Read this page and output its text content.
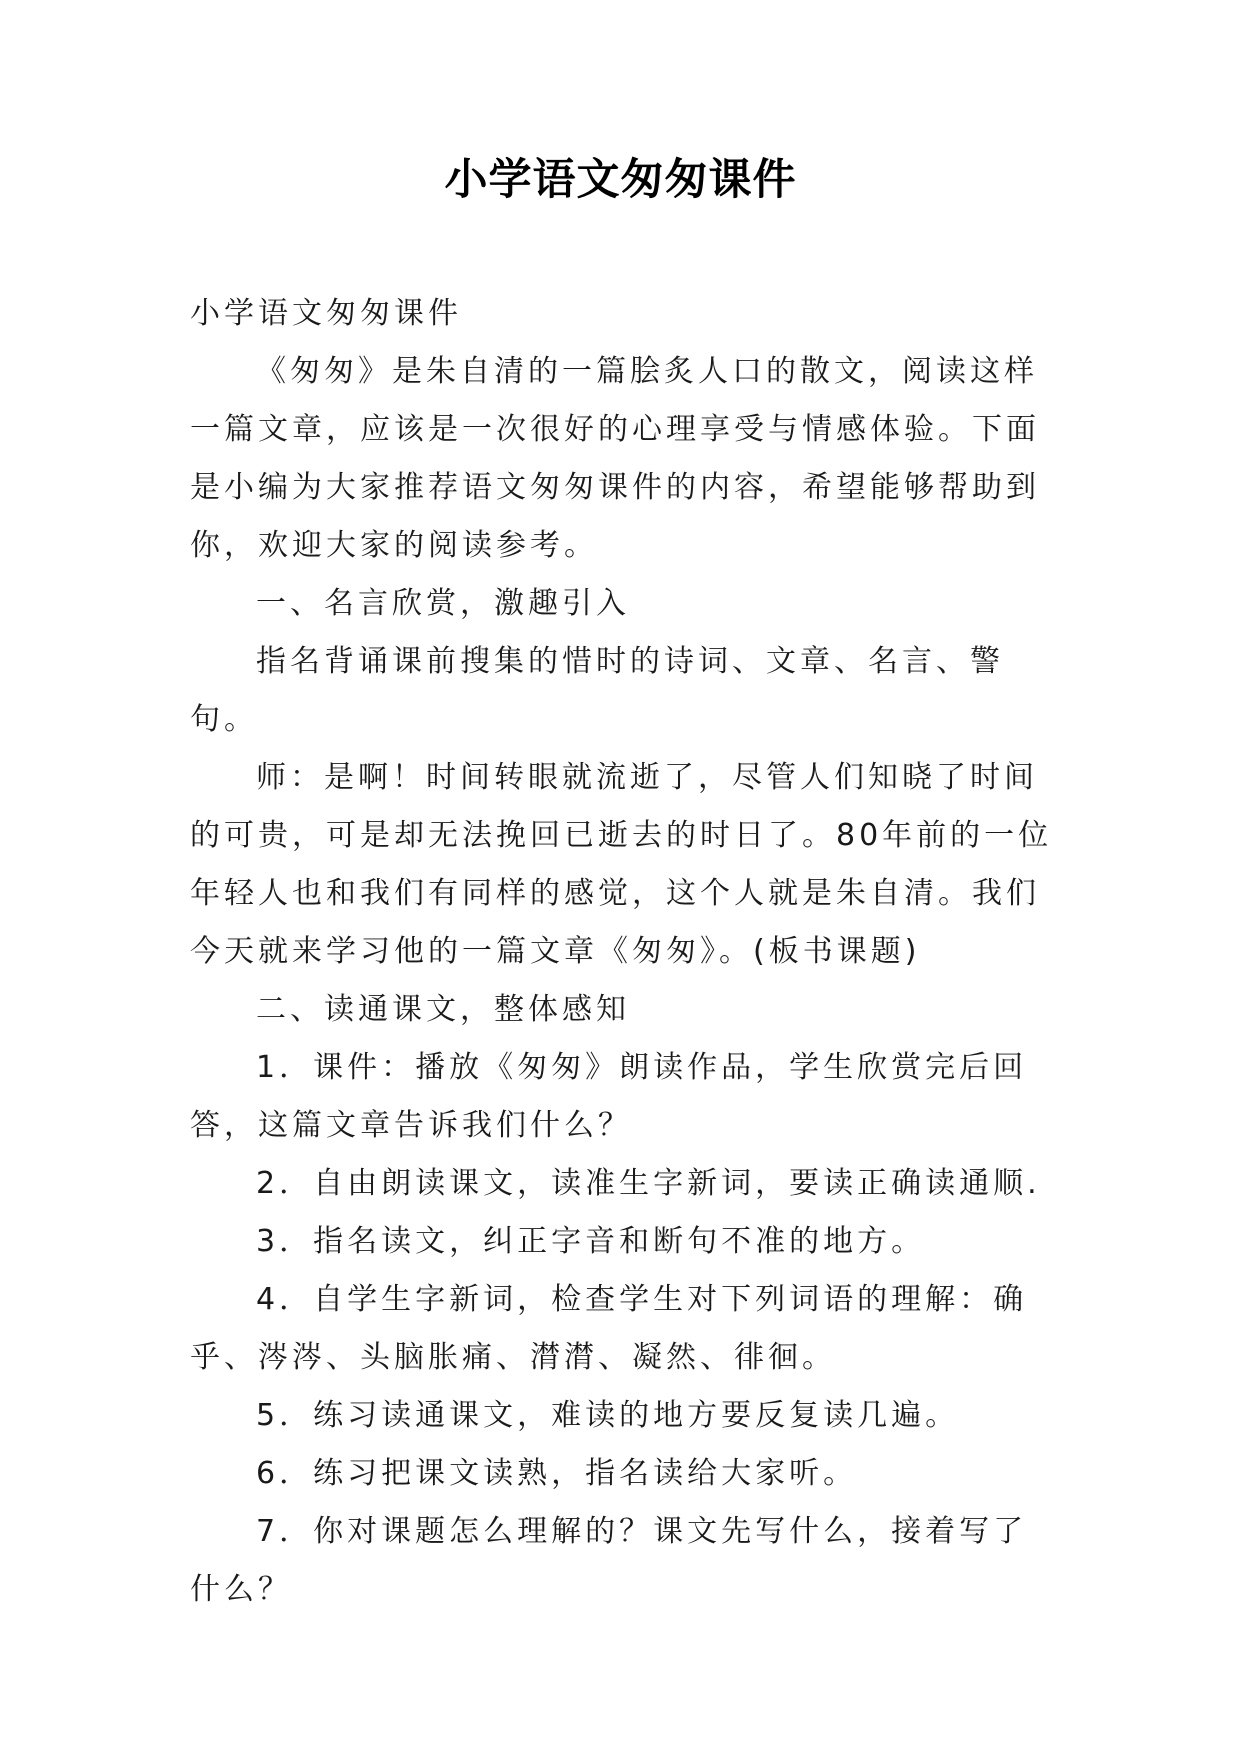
小学语文匆匆课件

小学语文匆匆课件

《匆匆》是朱自清的一篇脍炙人口的散文，阅读这样一篇文章，应该是一次很好的心理享受与情感体验。下面是小编为大家推荐语文匆匆课件的内容，希望能够帮助到你，欢迎大家的阅读参考。

一、名言欣赏，激趣引入

指名背诵课前搜集的惜时的诗词、文章、名言、警句。

师：是啊！时间转眼就流逝了，尽管人们知晓了时间的可贵，可是却无法挽回已逝去的时日了。80年前的一位年轻人也和我们有同样的感觉，这个人就是朱自清。我们今天就来学习他的一篇文章《匆匆》。(板书课题)

二、读通课文，整体感知

1．课件：播放《匆匆》朗读作品，学生欣赏完后回答，这篇文章告诉我们什么？

2．自由朗读课文，读准生字新词，要读正确读通顺.

3．指名读文，纠正字音和断句不准的地方。

4．自学生字新词，检查学生对下列词语的理解：确乎、涔涔、头脑胀痛、潸潸、凝然、徘徊。

5．练习读通课文，难读的地方要反复读几遍。

6．练习把课文读熟，指名读给大家听。

7．你对课题怎么理解的？课文先写什么，接着写了什么？
